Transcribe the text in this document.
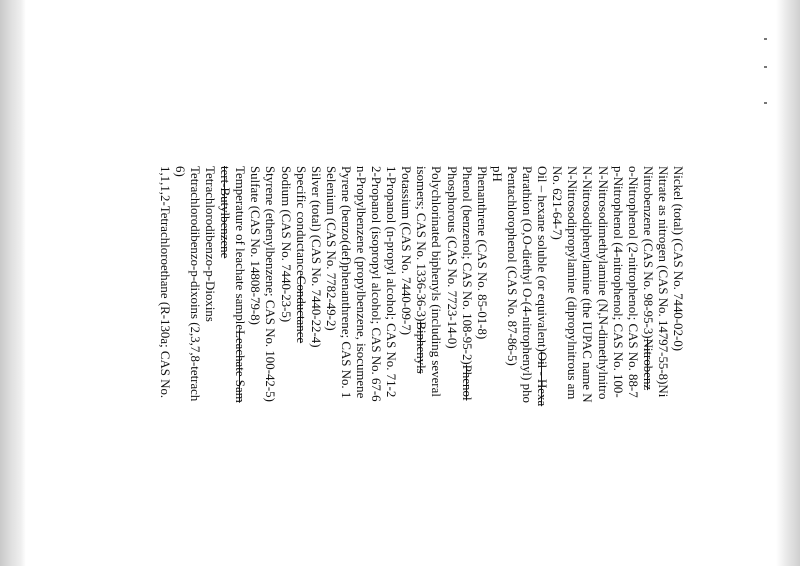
Nickel (total) (CAS No. 7440-02-0)
Nitrate as nitrogen (CAS No. 14797-55-8)Ni
Nitrobenzene (CAS No. 98-95-3)Nitrobenz
o-Nitrophenol (2-nitrophenol; CAS No. 88-7
p-Nitrophenol (4-nitrophenol; CAS No. 100-
N-Nitrosodimethylamine (N,N-dimethylnitro
N-Nitrosodiphenylamine (the IUPAC name N
N-Nitrosodipropylamine (dipropylnitrous am
No. 621-64-7)
Oil – hexane soluble (or equivalent)Oil - Hexa
Parathion (O,O-diethyl O-(4-nitrophenyl) pho
Pentachlorophenol (CAS No. 87-86-5)
pH
Phenanthrene (CAS No. 85-01-8)
Phenol (benzenol; CAS No. 108-95-2)Phenol
Phosphorous (CAS No. 7723-14-0)
Polychlorinated biphenyls (including several
isomers; CAS No. 1336-36-3)Biphenyls
Potassium (CAS No. 7440-09-7)
1-Propanol (n-propyl alcohol; CAS No. 71-2
2-Propanol (isopropyl alcohol; CAS No. 67-6
n-Propylbenzene (propylbenzene, isocumene
Pyrene (benzo(def)phenanthrene; CAS No. 1
Selenium (CAS No. 7782-49-2)
Silver (total) (CAS No. 7440-22-4)
Specific conductanceConductance
Sodium (CAS No. 7440-23-5)
Styrene (ethenylbenzene; CAS No. 100-42-5)
Sulfate (CAS No. 14808-79-8)
Temperature of leachate sampleLeachate Sam
tert-Butylbenzene
Tetrachlorodibenzo-p-Dioxins
Tetrachlorodibenzo-p-dixoins (2,3,7,8-tetrach
6)
1,1,1,2-Tetrachloroethane (R-130a; CAS No.
